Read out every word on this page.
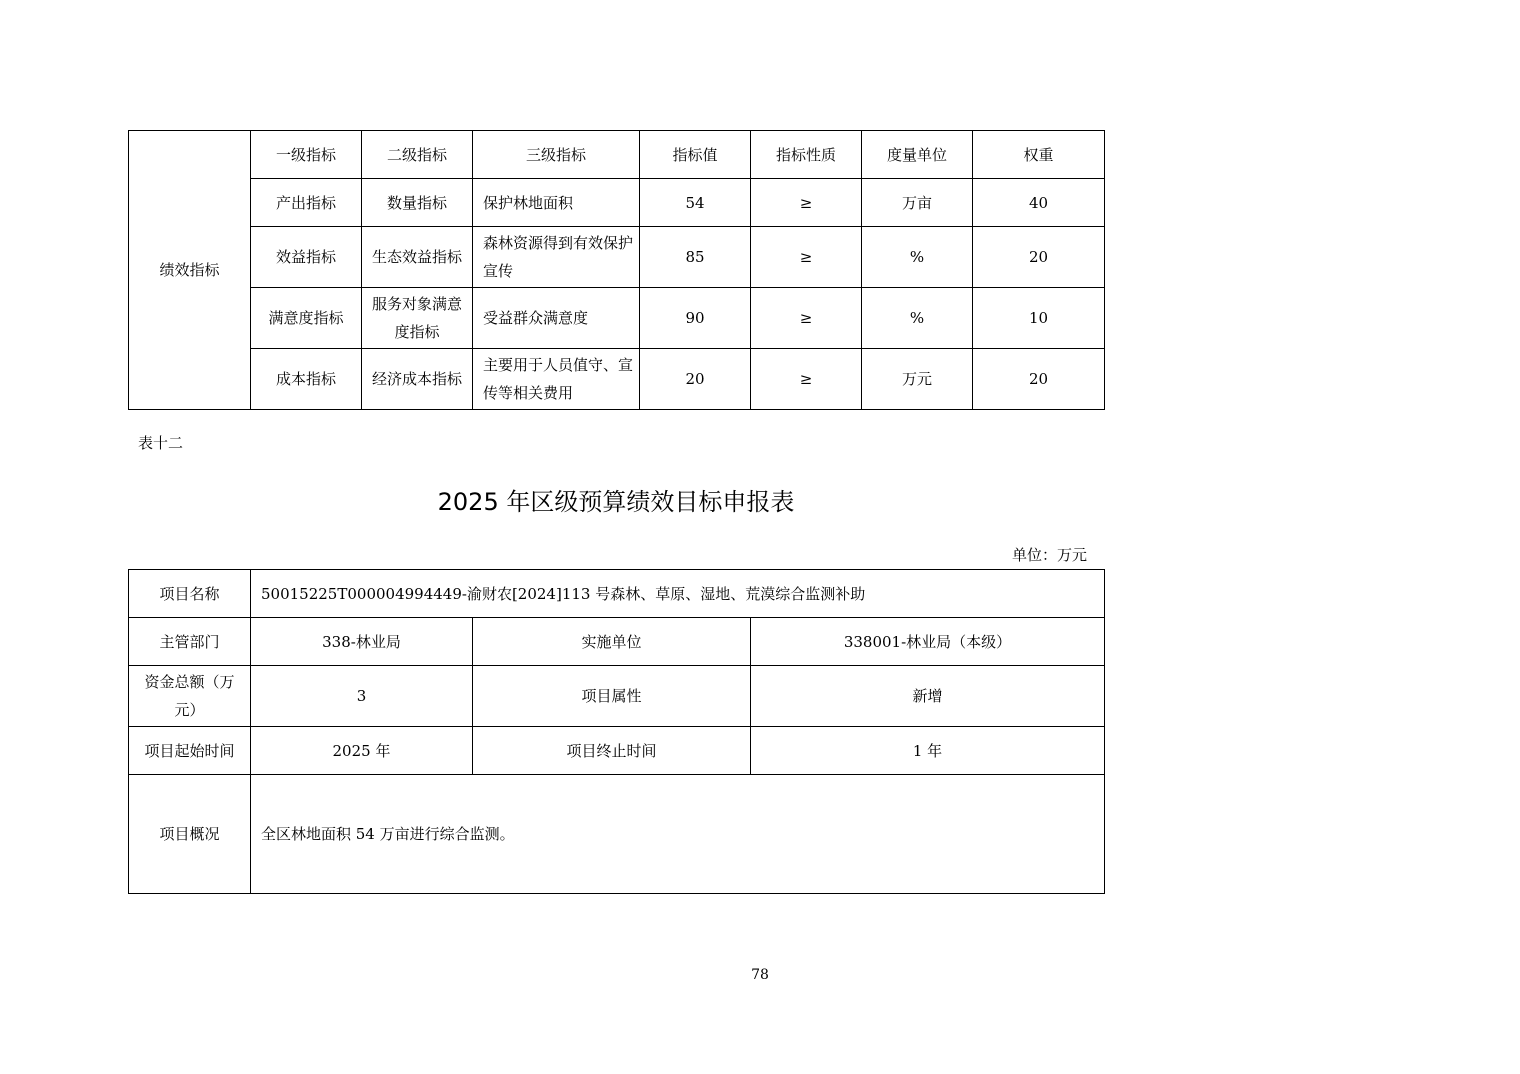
绩效指标	一级指标	二级指标	三级指标	指标值	指标性质	度量单位	权重
	产出指标	数量指标	保护林地面积	54	≥	万亩	40
	效益指标	生态效益指标	森林资源得到有效保护宣传	85	≥	%	20
	满意度指标	服务对象满意度指标	受益群众满意度	90	≥	%	10
	成本指标	经济成本指标	主要用于人员值守、宣传等相关费用	20	≥	万元	20
表十二
2025 年区级预算绩效目标申报表
单位：万元
项目名称	50015225T000004994449-渝财农[2024]113 号森林、草原、湿地、荒漠综合监测补助		
主管部门	338-林业局	实施单位	338001-林业局（本级）
资金总额（万元）	3	项目属性	新增
项目起始时间	2025 年	项目终止时间	1 年
项目概况	全区林地面积 54 万亩进行综合监测。		
78
